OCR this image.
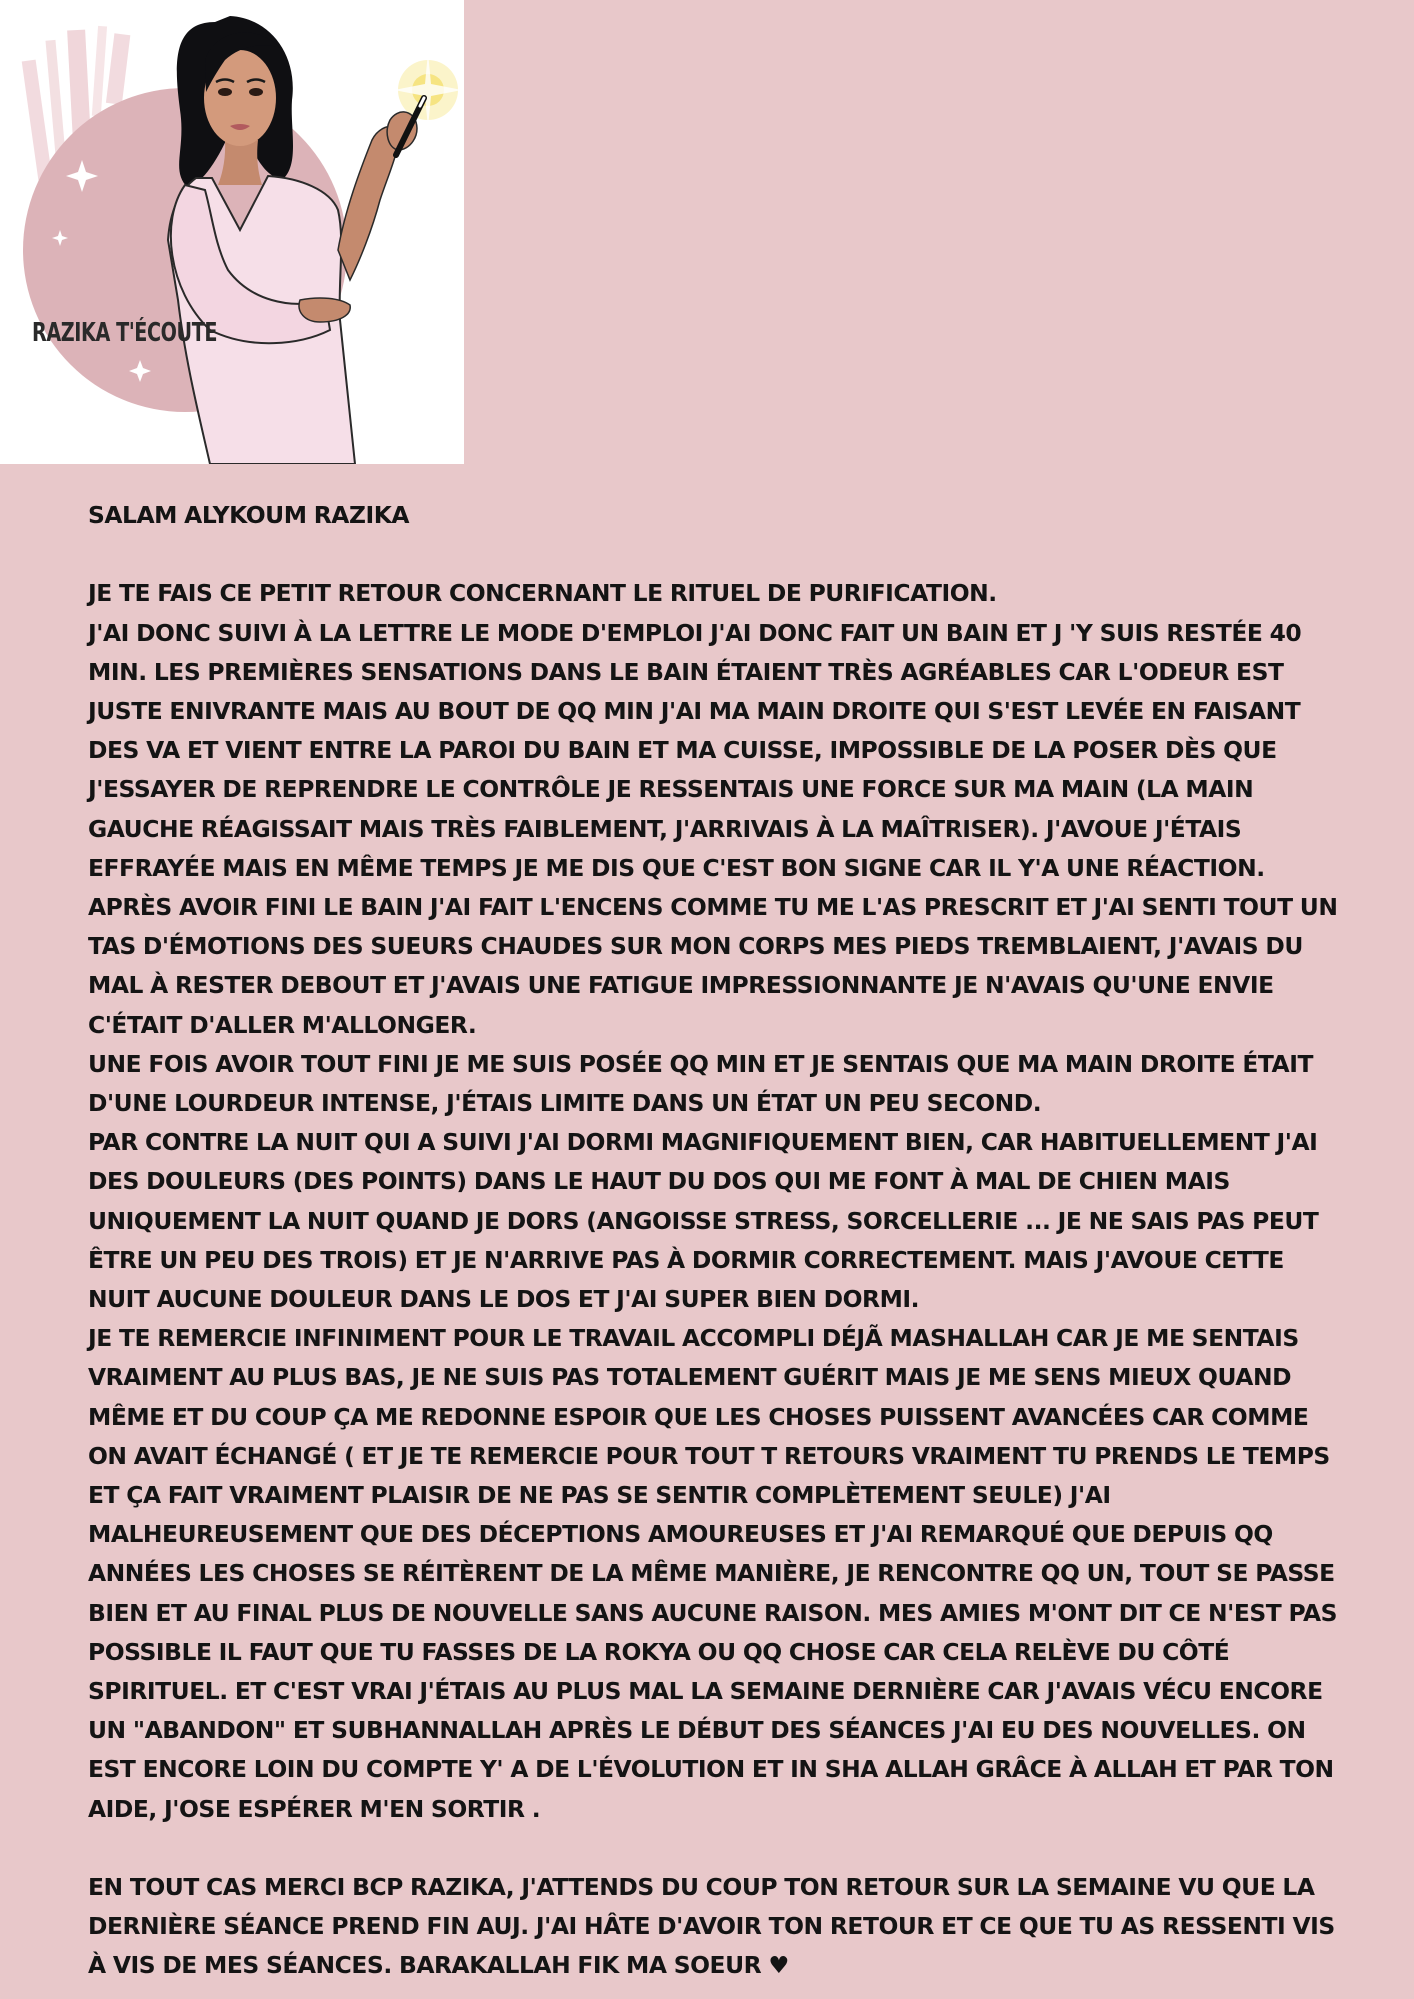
RAZIKA T'ÉCOUTE

SALAM ALYKOUM RAZIKA

JE TE FAIS CE PETIT RETOUR CONCERNANT LE RITUEL DE PURIFICATION.

J'AI DONC SUIVI À LA LETTRE LE MODE D'EMPLOI J'AI DONC FAIT UN BAIN ET J 'Y SUIS RESTÉE 40 MIN. LES PREMIÈRES SENSATIONS DANS LE BAIN ÉTAIENT TRÈS AGRÉABLES CAR L'ODEUR EST JUSTE ENIVRANTE MAIS AU BOUT DE QQ MIN J'AI MA MAIN DROITE QUI S'EST LEVÉE EN FAISANT DES VA ET VIENT ENTRE LA PAROI DU BAIN ET MA CUISSE, IMPOSSIBLE DE LA POSER DÈS QUE J'ESSAYER DE REPRENDRE LE CONTRÔLE JE RESSENTAIS UNE FORCE SUR MA MAIN (LA MAIN GAUCHE RÉAGISSAIT MAIS TRÈS FAIBLEMENT, J'ARRIVAIS À LA MAÎTRISER). J'AVOUE J'ÉTAIS EFFRAYÉE MAIS EN MÊME TEMPS JE ME DIS QUE C'EST BON SIGNE CAR IL Y'A UNE RÉACTION.

APRÈS AVOIR FINI LE BAIN J'AI FAIT L'ENCENS COMME TU ME L'AS PRESCRIT ET J'AI SENTI TOUT UN TAS D'ÉMOTIONS DES SUEURS CHAUDES SUR MON CORPS MES PIEDS TREMBLAIENT, J'AVAIS DU MAL À RESTER DEBOUT ET J'AVAIS UNE FATIGUE IMPRESSIONNANTE JE N'AVAIS QU'UNE ENVIE C'ÉTAIT D'ALLER M'ALLONGER.

UNE FOIS AVOIR TOUT FINI JE ME SUIS POSÉE QQ MIN ET JE SENTAIS QUE MA MAIN DROITE ÉTAIT D'UNE LOURDEUR INTENSE, J'ÉTAIS LIMITE DANS UN ÉTAT UN PEU SECOND.

PAR CONTRE LA NUIT QUI A SUIVI J'AI DORMI MAGNIFIQUEMENT BIEN, CAR HABITUELLEMENT J'AI DES DOULEURS (DES POINTS) DANS LE HAUT DU DOS QUI ME FONT À MAL DE CHIEN MAIS UNIQUEMENT LA NUIT QUAND JE DORS (ANGOISSE STRESS, SORCELLERIE ... JE NE SAIS PAS PEUT ÊTRE UN PEU DES TROIS) ET JE N'ARRIVE PAS À DORMIR CORRECTEMENT. MAIS J'AVOUE CETTE NUIT AUCUNE DOULEUR DANS LE DOS ET J'AI SUPER BIEN DORMI.

JE TE REMERCIE INFINIMENT POUR LE TRAVAIL ACCOMPLI DÉJÃ MASHALLAH CAR JE ME SENTAIS VRAIMENT AU PLUS BAS, JE NE SUIS PAS TOTALEMENT GUÉRIT MAIS JE ME SENS MIEUX QUAND MÊME ET DU COUP ÇA ME REDONNE ESPOIR QUE LES CHOSES PUISSENT AVANCÉES CAR COMME ON AVAIT ÉCHANGÉ ( ET JE TE REMERCIE POUR TOUT T RETOURS VRAIMENT TU PRENDS LE TEMPS ET ÇA FAIT VRAIMENT PLAISIR DE NE PAS SE SENTIR COMPLÈTEMENT SEULE) J'AI MALHEUREUSEMENT QUE DES DÉCEPTIONS AMOUREUSES ET J'AI REMARQUÉ QUE DEPUIS QQ ANNÉES LES CHOSES SE RÉITÈRENT DE LA MÊME MANIÈRE, JE RENCONTRE QQ UN, TOUT SE PASSE BIEN ET AU FINAL PLUS DE NOUVELLE SANS AUCUNE RAISON. MES AMIES M'ONT DIT CE N'EST PAS POSSIBLE IL FAUT QUE TU FASSES DE LA ROKYA OU QQ CHOSE CAR CELA RELÈVE DU CÔTÉ SPIRITUEL. ET C'EST VRAI J'ÉTAIS AU PLUS MAL LA SEMAINE DERNIÈRE CAR J'AVAIS VÉCU ENCORE UN "ABANDON" ET SUBHANNALLAH APRÈS LE DÉBUT DES SÉANCES J'AI EU DES NOUVELLES. ON EST ENCORE LOIN DU COMPTE Y' A DE L'ÉVOLUTION ET IN SHA ALLAH GRÂCE À ALLAH ET PAR TON AIDE, J'OSE ESPÉRER M'EN SORTIR .

EN TOUT CAS MERCI BCP RAZIKA, J'ATTENDS DU COUP TON RETOUR SUR LA SEMAINE VU QUE LA DERNIÈRE SÉANCE PREND FIN AUJ. J'AI HÂTE D'AVOIR TON RETOUR ET CE QUE TU AS RESSENTI VIS À VIS DE MES SÉANCES. BARAKALLAH FIK MA SOEUR ♥
